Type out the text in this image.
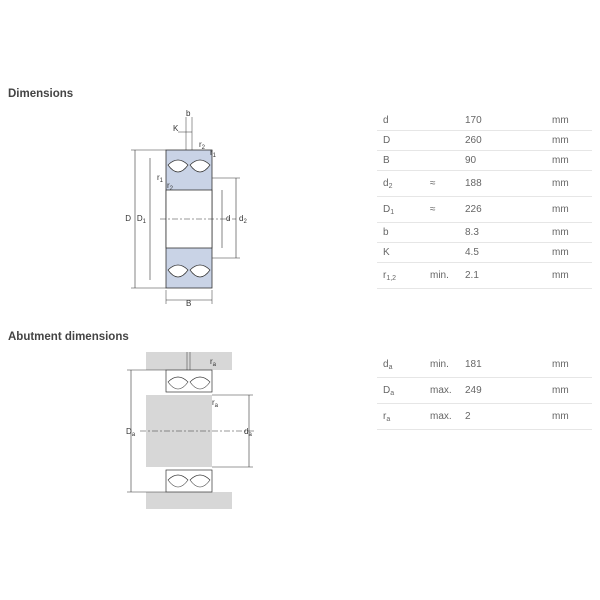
Dimensions
Abutment dimensions
b
K
$r_2$ $r_1$
$r_1$ $r_2$
D $D_1$	d $d_2$
B
$r_a$
$r_a$
$D_a$	$d_a$
d		170	mm
D		260	mm
B		90	mm
$d_2$	≈	188	mm
$D_1$	≈	226	mm
b		8.3	mm
K		4.5	mm
$r_{1,2}$	min.	2.1	mm
$d_a$	min.	181	mm
$D_a$	max.	249	mm
$r_a$	max.	2	mm
